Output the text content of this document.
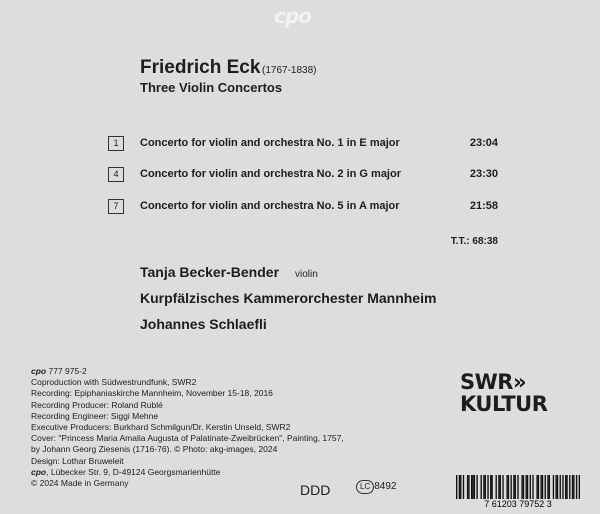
cpo
Friedrich Eck (1767-1838)
Three Violin Concertos
1	Concerto for violin and orchestra No. 1 in E major	23:04
4	Concerto for violin and orchestra No. 2 in G major	23:30
7	Concerto for violin and orchestra No. 5 in A major	21:58
T.T.: 68:38
Tanja Becker-Bender violin
Kurpfälzisches Kammerorchester Mannheim
Johannes Schlaefli
cpo 777 975-2
Coproduction with Südwestrundfunk, SWR2
Recording: Epiphaniaskirche Mannheim, November 15-18, 2016
Recording Producer: Roland Rublé
Recording Engineer: Siggi Mehne
Executive Producers: Burkhard Schmilgun/Dr. Kerstin Unseld, SWR2
Cover: "Princess Maria Amalia Augusta of Palatinate-Zweibrücken", Painting, 1757,
by Johann Georg Ziesenis (1716-76). © Photo: akg-images, 2024
Design: Lothar Bruweleit
cpo, Lübecker Str. 9, D-49124 Georgsmarienhütte
© 2024 Made in Germany
SWR»
KULTUR
DDD	LC 8492
7 61203 79752 3
